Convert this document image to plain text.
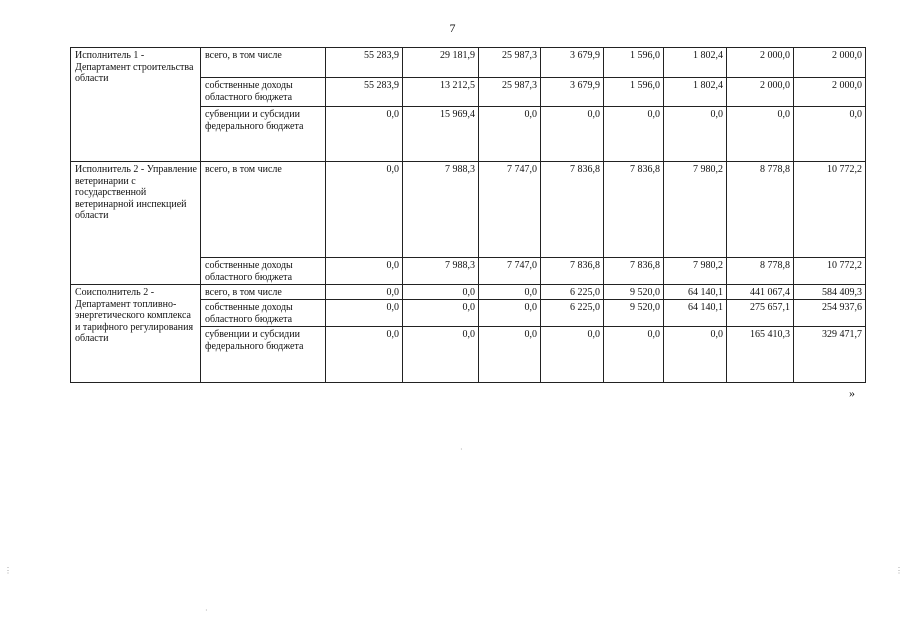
7
Исполнитель 1 - Департамент строительства области	всего, в том числе	55 283,9	29 181,9	25 987,3	3 679,9	1 596,0	1 802,4	2 000,0	2 000,0
	собственные доходы областного бюджета	55 283,9	13 212,5	25 987,3	3 679,9	1 596,0	1 802,4	2 000,0	2 000,0
	субвенции и субсидии федерального бюджета	0,0	15 969,4	0,0	0,0	0,0	0,0	0,0	0,0
Исполнитель 2 - Управление ветеринарии с государственной ветеринарной инспекцией области	всего, в том числе	0,0	7 988,3	7 747,0	7 836,8	7 836,8	7 980,2	8 778,8	10 772,2
	собственные доходы областного бюджета	0,0	7 988,3	7 747,0	7 836,8	7 836,8	7 980,2	8 778,8	10 772,2
Соисполнитель 2 - Департамент топливно-энергетического комплекса и тарифного регулирования области	всего, в том числе	0,0	0,0	0,0	6 225,0	9 520,0	64 140,1	441 067,4	584 409,3
	собственные доходы областного бюджета	0,0	0,0	0,0	6 225,0	9 520,0	64 140,1	275 657,1	254 937,6
	субвенции и субсидии федерального бюджета	0,0	0,0	0,0	0,0	0,0	0,0	165 410,3	329 471,7
»
·
·
⋮	⋮
